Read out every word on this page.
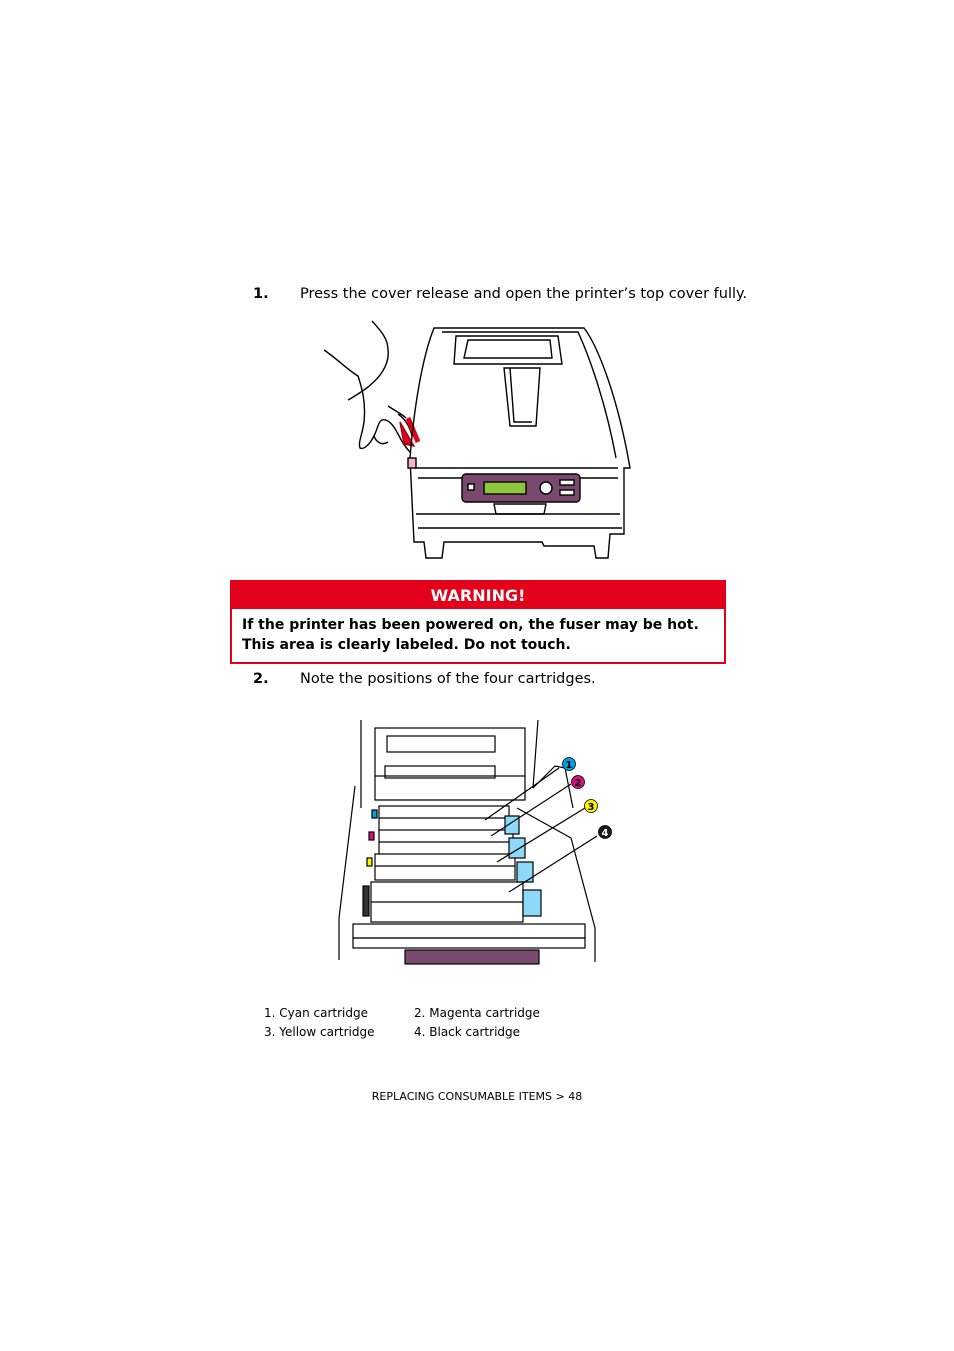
1.	Press the cover release and open the printer’s top cover fully.
WARNING!
If the printer has been powered on, the fuser may be hot. This area is clearly labeled. Do not touch.
2.	Note the positions of the four cartridges.
1
2
3
4
1. Cyan cartridge	2. Magenta cartridge
3. Yellow cartridge	4. Black cartridge
REPLACING CONSUMABLE ITEMS > 48
